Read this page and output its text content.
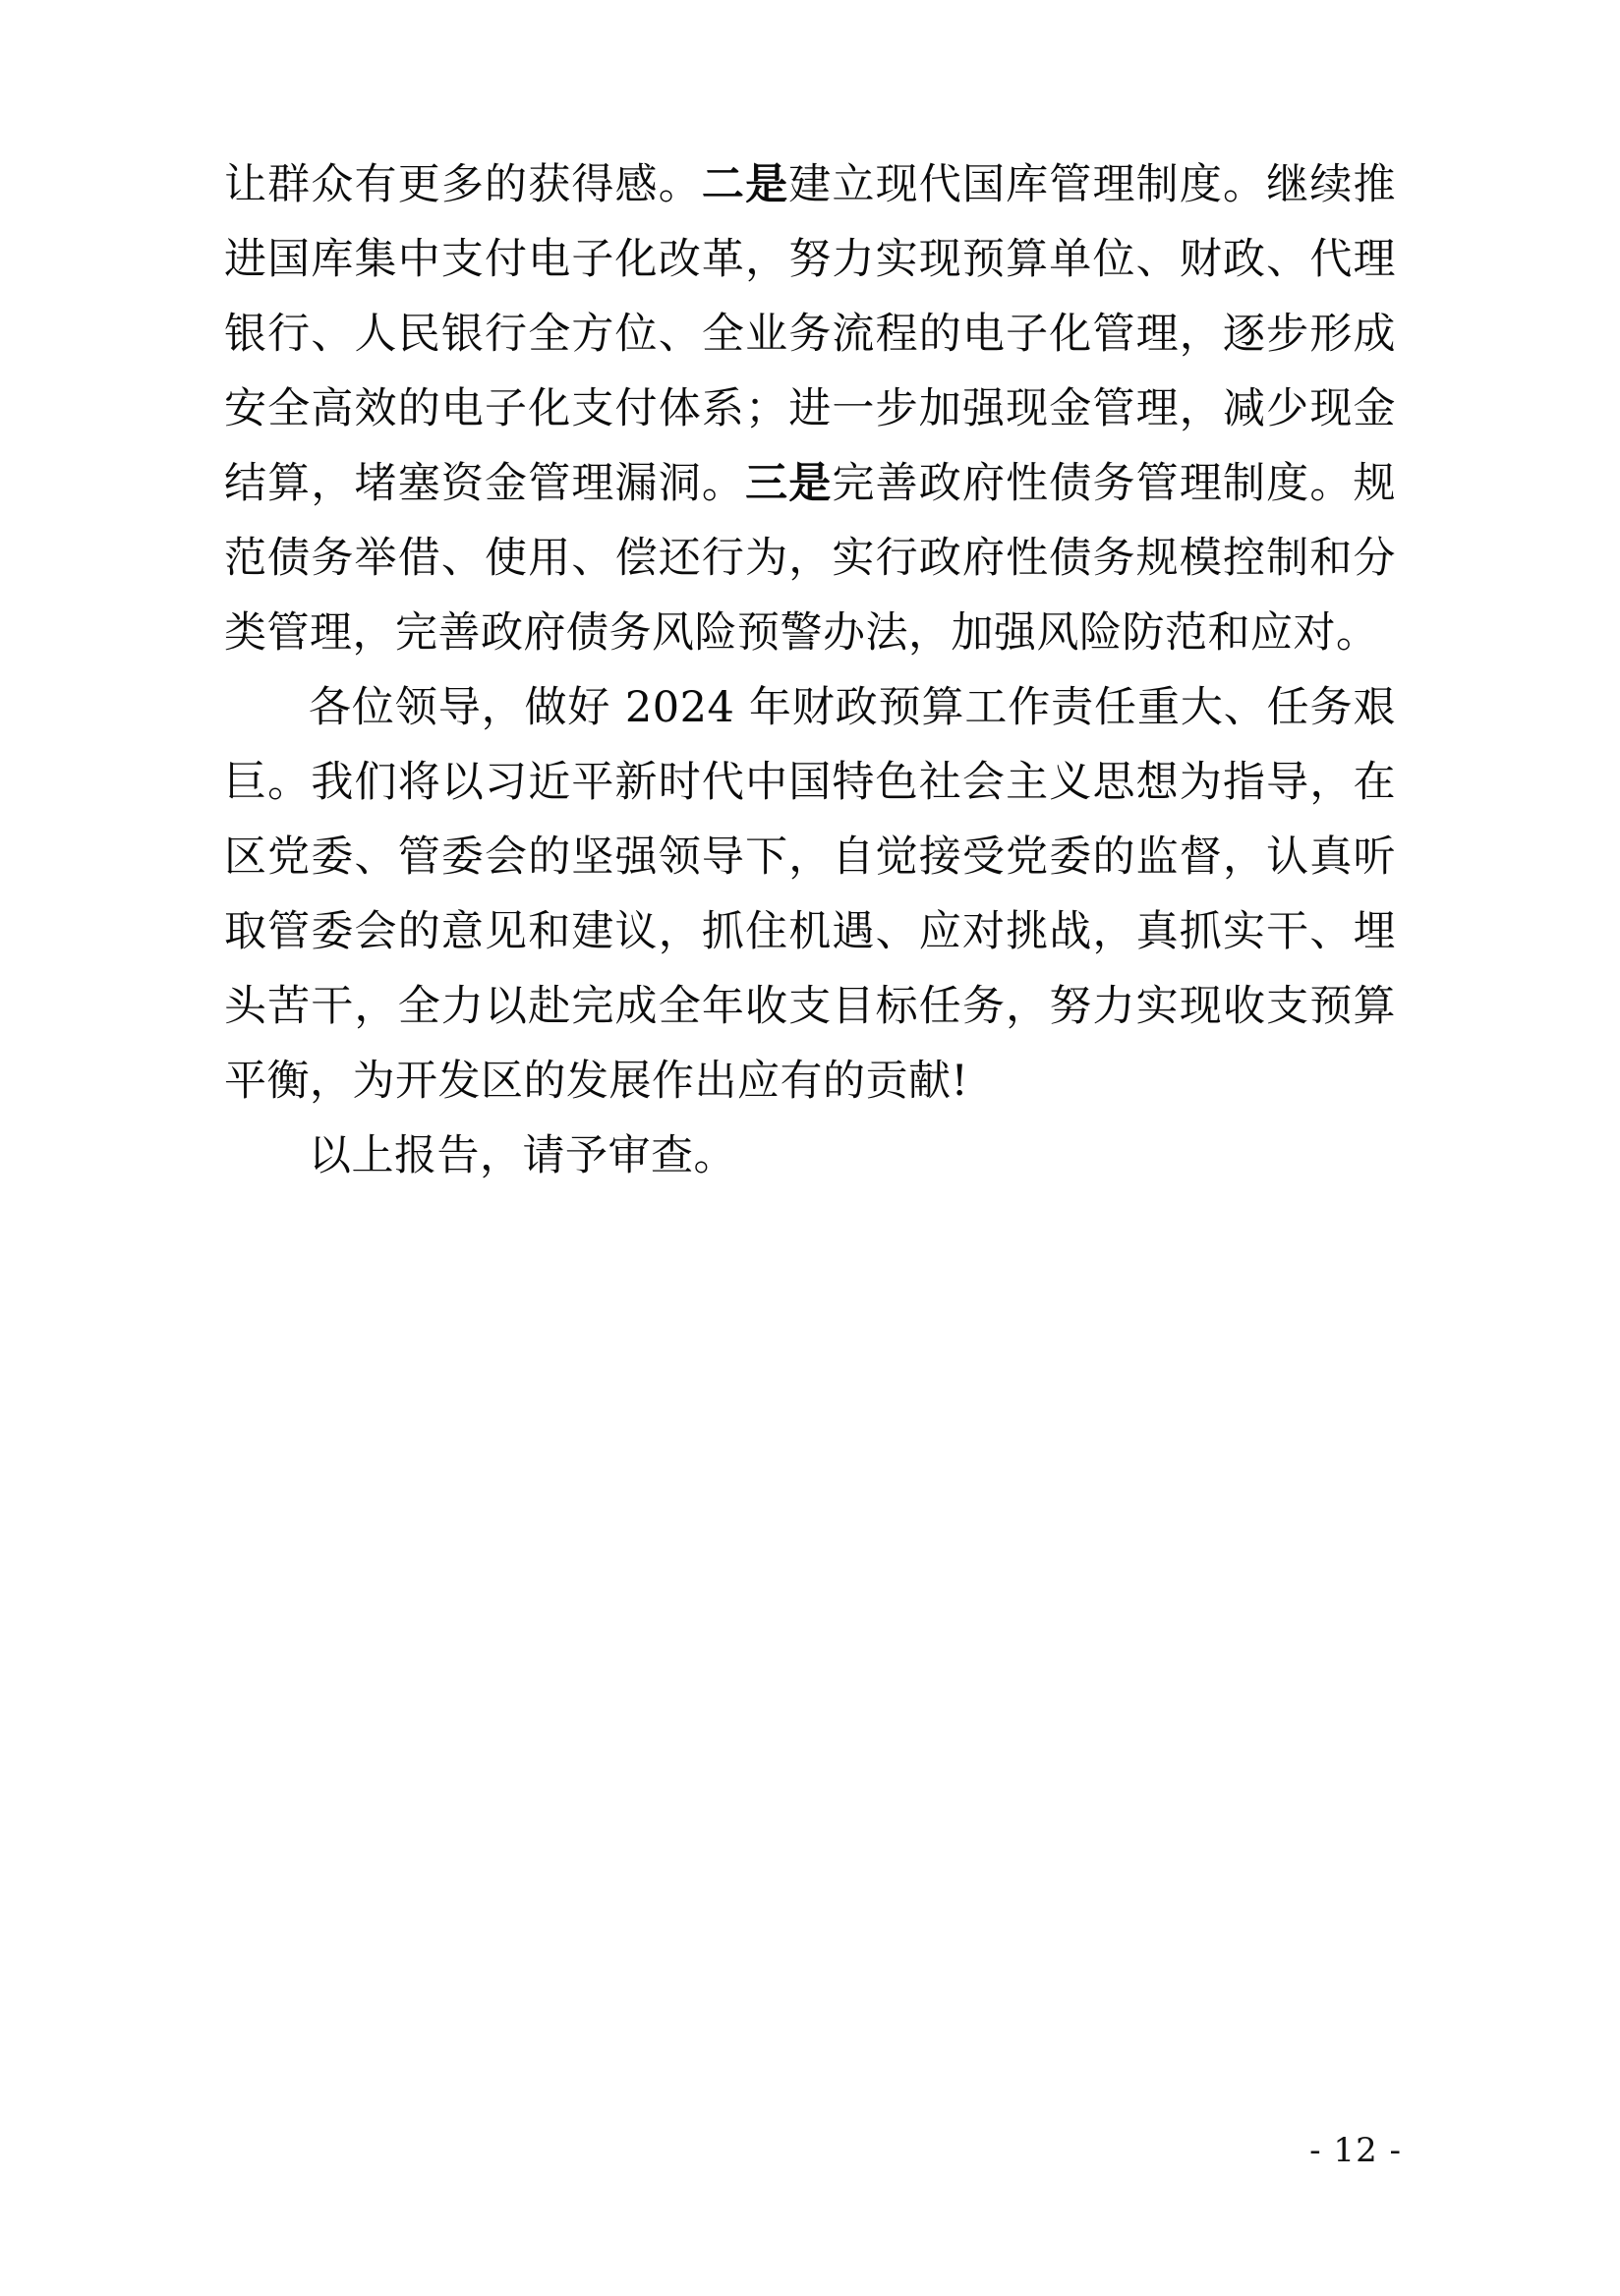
让群众有更多的获得感。二是建立现代国库管理制度。继续推进国库集中支付电子化改革，努力实现预算单位、财政、代理银行、人民银行全方位、全业务流程的电子化管理，逐步形成安全高效的电子化支付体系；进一步加强现金管理，减少现金结算，堵塞资金管理漏洞。三是完善政府性债务管理制度。规范债务举借、使用、偿还行为，实行政府性债务规模控制和分类管理，完善政府债务风险预警办法，加强风险防范和应对。

各位领导，做好 2024 年财政预算工作责任重大、任务艰巨。我们将以习近平新时代中国特色社会主义思想为指导，在区党委、管委会的坚强领导下，自觉接受党委的监督，认真听取管委会的意见和建议，抓住机遇、应对挑战，真抓实干、埋头苦干，全力以赴完成全年收支目标任务，努力实现收支预算平衡，为开发区的发展作出应有的贡献!

以上报告，请予审查。

- 12 -
